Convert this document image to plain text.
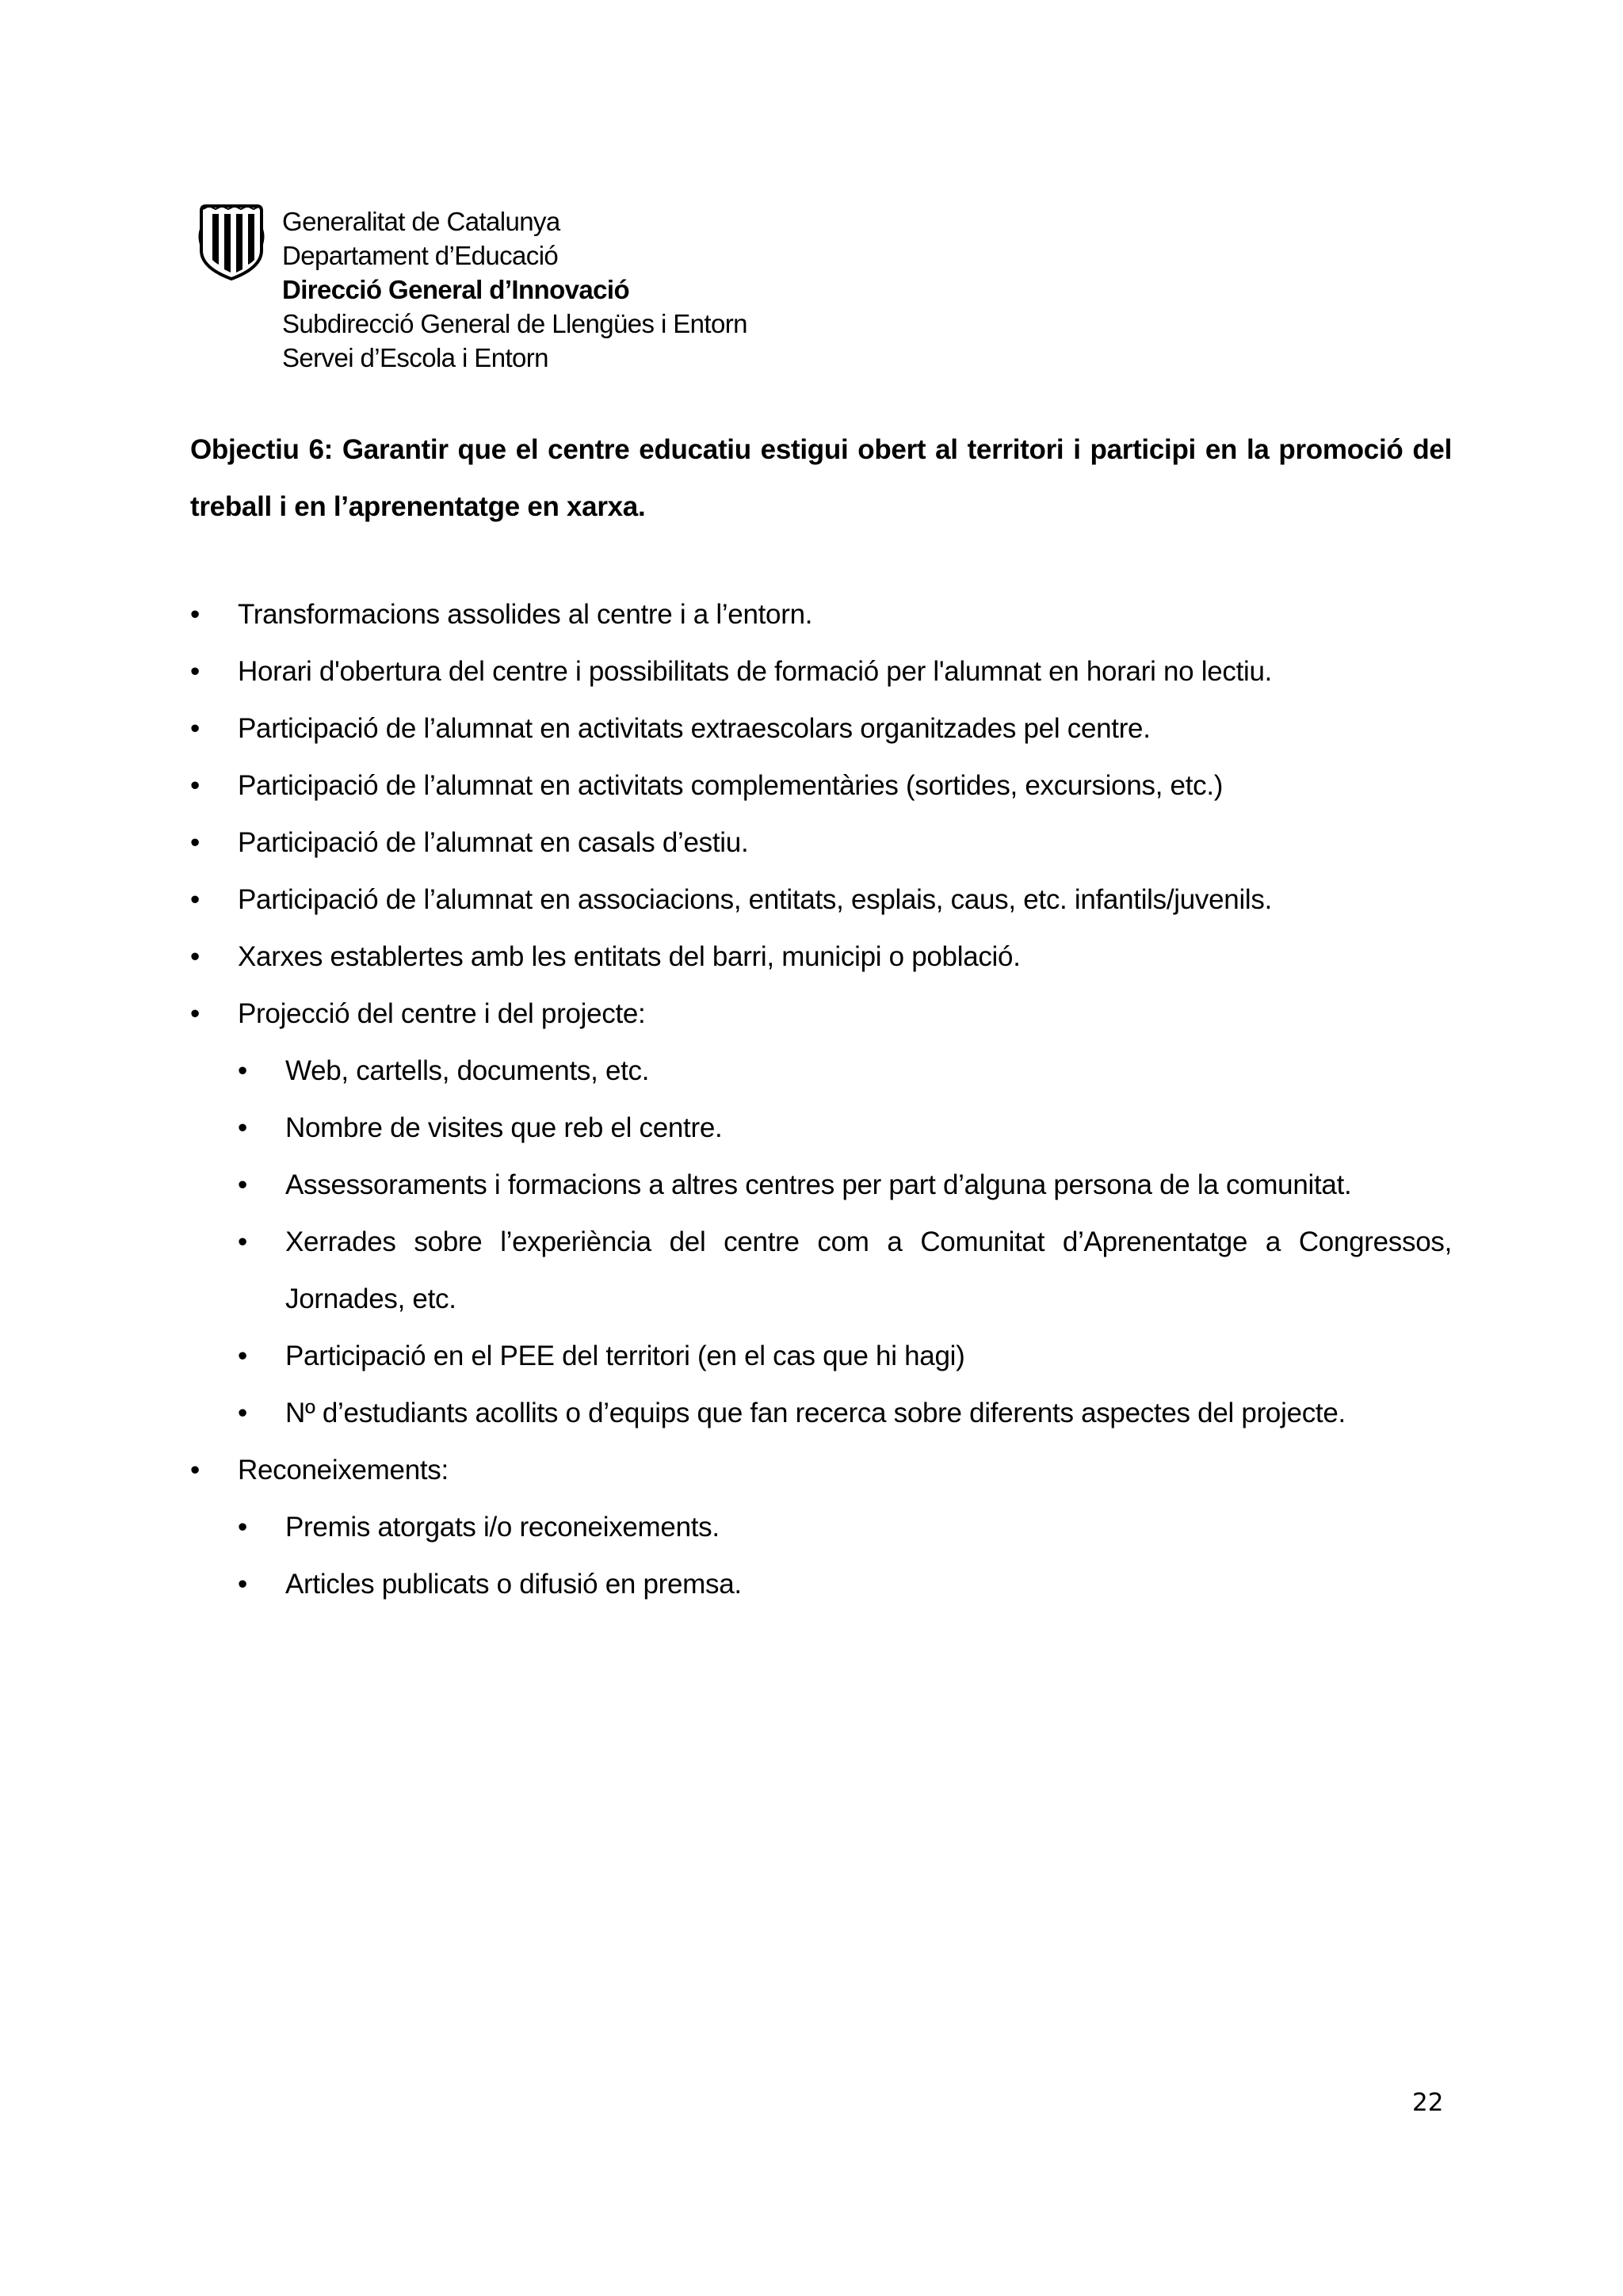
Generalitat de Catalunya
Departament d’Educació
Direcció General d’Innovació
Subdirecció General de Llengües i Entorn
Servei d’Escola i Entorn
Objectiu 6: Garantir que el centre educatiu estigui obert al territori i participi en la promoció del treball i en l’aprenentatge en xarxa.
•	Transformacions assolides al centre i a l’entorn.
•	Horari d'obertura del centre i possibilitats de formació per l'alumnat en horari no lectiu.
•	Participació de l’alumnat en activitats extraescolars organitzades pel centre.
•	Participació de l’alumnat en activitats complementàries (sortides, excursions, etc.)
•	Participació de l’alumnat en casals d’estiu.
•	Participació de l’alumnat en associacions, entitats, esplais, caus, etc. infantils/juvenils.
•	Xarxes establertes amb les entitats del barri, municipi o població.
•	Projecció del centre i del projecte:
•	Web, cartells, documents, etc.
•	Nombre de visites que reb el centre.
•	Assessoraments i formacions a altres centres per part d’alguna persona de la comunitat.
•	Xerrades sobre l’experiència del centre com a Comunitat d’Aprenentatge a Congressos, Jornades, etc.
•	Participació en el PEE del territori (en el cas que hi hagi)
•	Nº d’estudiants acollits o d’equips que fan recerca sobre diferents aspectes del projecte.
•	Reconeixements:
•	Premis atorgats i/o reconeixements.
•	Articles publicats o difusió en premsa.
22
